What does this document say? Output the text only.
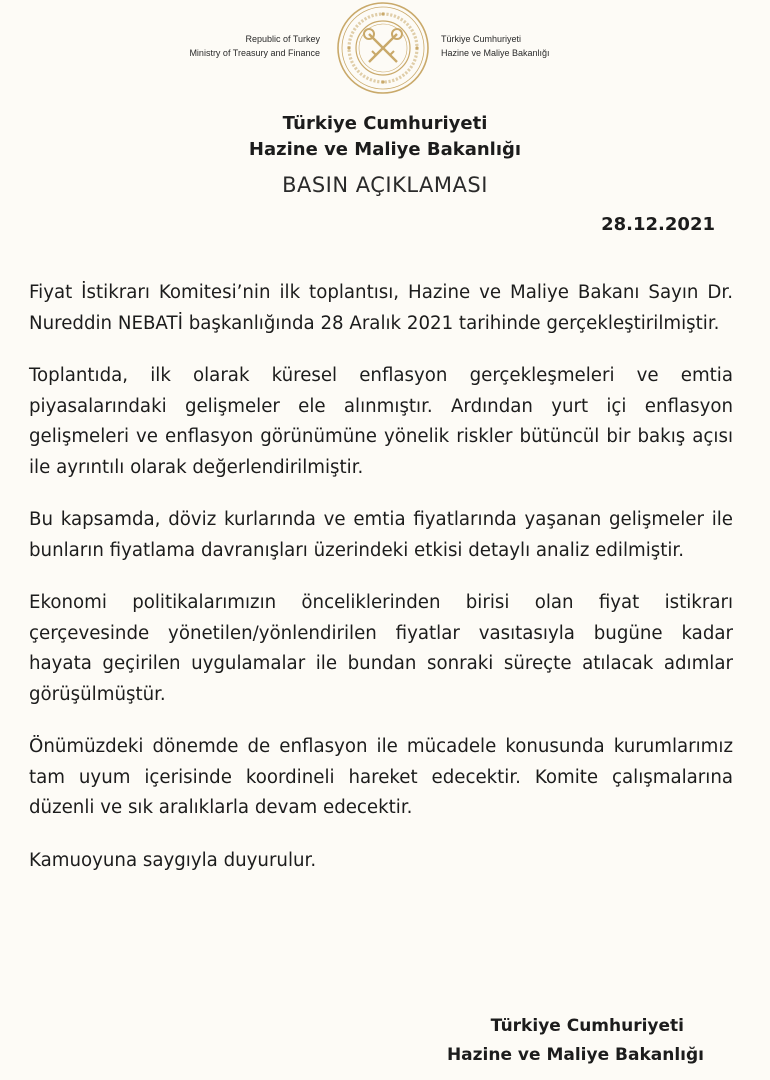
Republic of Turkey
Ministry of Treasury and Finance
Türkiye Cumhuriyeti
Hazine ve Maliye Bakanlığı
Türkiye Cumhuriyeti
Hazine ve Maliye Bakanlığı
BASIN AÇIKLAMASI
28.12.2021

Fiyat İstikrarı Komitesi’nin ilk toplantısı, Hazine ve Maliye Bakanı Sayın Dr. Nureddin NEBATİ başkanlığında 28 Aralık 2021 tarihinde gerçekleştirilmiştir.

Toplantıda, ilk olarak küresel enflasyon gerçekleşmeleri ve emtia piyasalarındaki gelişmeler ele alınmıştır. Ardından yurt içi enflasyon gelişmeleri ve enflasyon görünümüne yönelik riskler bütüncül bir bakış açısı ile ayrıntılı olarak değerlendirilmiştir.

Bu kapsamda, döviz kurlarında ve emtia fiyatlarında yaşanan gelişmeler ile bunların fiyatlama davranışları üzerindeki etkisi detaylı analiz edilmiştir.

Ekonomi politikalarımızın önceliklerinden birisi olan fiyat istikrarı çerçevesinde yönetilen/yönlendirilen fiyatlar vasıtasıyla bugüne kadar hayata geçirilen uygulamalar ile bundan sonraki süreçte atılacak adımlar görüşülmüştür.

Önümüzdeki dönemde de enflasyon ile mücadele konusunda kurumlarımız tam uyum içerisinde koordineli hareket edecektir. Komite çalışmalarına düzenli ve sık aralıklarla devam edecektir.

Kamuoyuna saygıyla duyurulur.

Türkiye Cumhuriyeti
Hazine ve Maliye Bakanlığı
